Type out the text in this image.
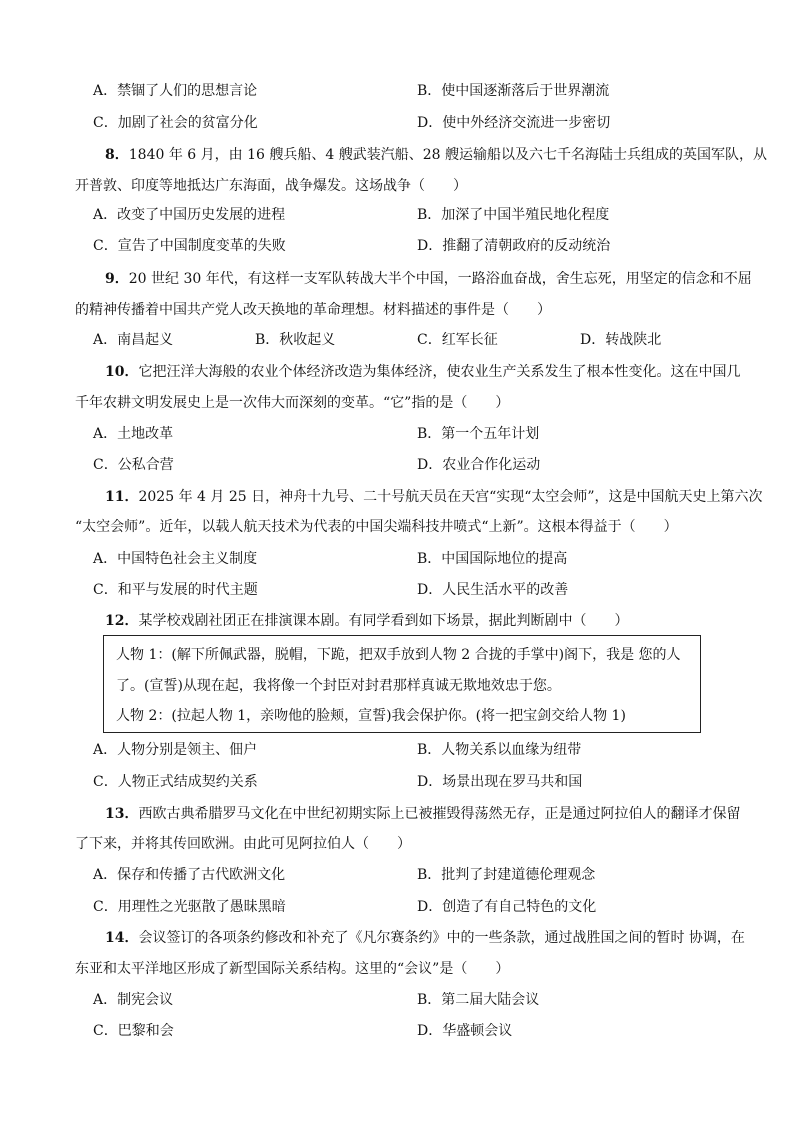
A．禁锢了人们的思想言论	B．使中国逐渐落后于世界潮流
C．加剧了社会的贫富分化	D．使中外经济交流进一步密切
8．1840 年 6 月，由 16 艘兵船、4 艘武装汽船、28 艘运输船以及六七千名海陆士兵组成的英国军队，从
开普敦、印度等地抵达广东海面，战争爆发。这场战争（　　）
A．改变了中国历史发展的进程	B．加深了中国半殖民地化程度
C．宣告了中国制度变革的失败	D．推翻了清朝政府的反动统治
9．20 世纪 30 年代，有这样一支军队转战大半个中国，一路浴血奋战，舍生忘死，用坚定的信念和不屈
的精神传播着中国共产党人改天换地的革命理想。材料描述的事件是（　　）
A．南昌起义	B．秋收起义	C．红军长征	D．转战陕北
10．它把汪洋大海般的农业个体经济改造为集体经济，使农业生产关系发生了根本性变化。这在中国几
千年农耕文明发展史上是一次伟大而深刻的变革。“它”指的是（　　）
A．土地改革	B．第一个五年计划
C．公私合营	D．农业合作化运动
11．2025 年 4 月 25 日，神舟十九号、二十号航天员在天宫“实现“太空会师”，这是中国航天史上第六次
“太空会师”。近年，以载人航天技术为代表的中国尖端科技井喷式“上新”。这根本得益于（　　）
A．中国特色社会主义制度	B．中国国际地位的提高
C．和平与发展的时代主题	D．人民生活水平的改善
12．某学校戏剧社团正在排演课本剧。有同学看到如下场景，据此判断剧中（　　）
人物 1：(解下所佩武器，脱帽，下跪，把双手放到人物 2 合拢的手掌中)阁下，我是 您的人
了。(宣誓)从现在起，我将像一个封臣对封君那样真诚无欺地效忠于您。
人物 2：(拉起人物 1，亲吻他的脸颊，宣誓)我会保护你。(将一把宝剑交给人物 1)
A．人物分别是领主、佃户	B．人物关系以血缘为纽带
C．人物正式结成契约关系	D．场景出现在罗马共和国
13．西欧古典希腊罗马文化在中世纪初期实际上已被摧毁得荡然无存，正是通过阿拉伯人的翻译才保留
了下来，并将其传回欧洲。由此可见阿拉伯人（　　）
A．保存和传播了古代欧洲文化	B．批判了封建道德伦理观念
C．用理性之光驱散了愚昧黑暗	D．创造了有自己特色的文化
14．会议签订的各项条约修改和补充了《凡尔赛条约》中的一些条款，通过战胜国之间的暂时 协调，在
东亚和太平洋地区形成了新型国际关系结构。这里的“会议”是（　　）
A．制宪会议	B．第二届大陆会议
C．巴黎和会	D．华盛顿会议
